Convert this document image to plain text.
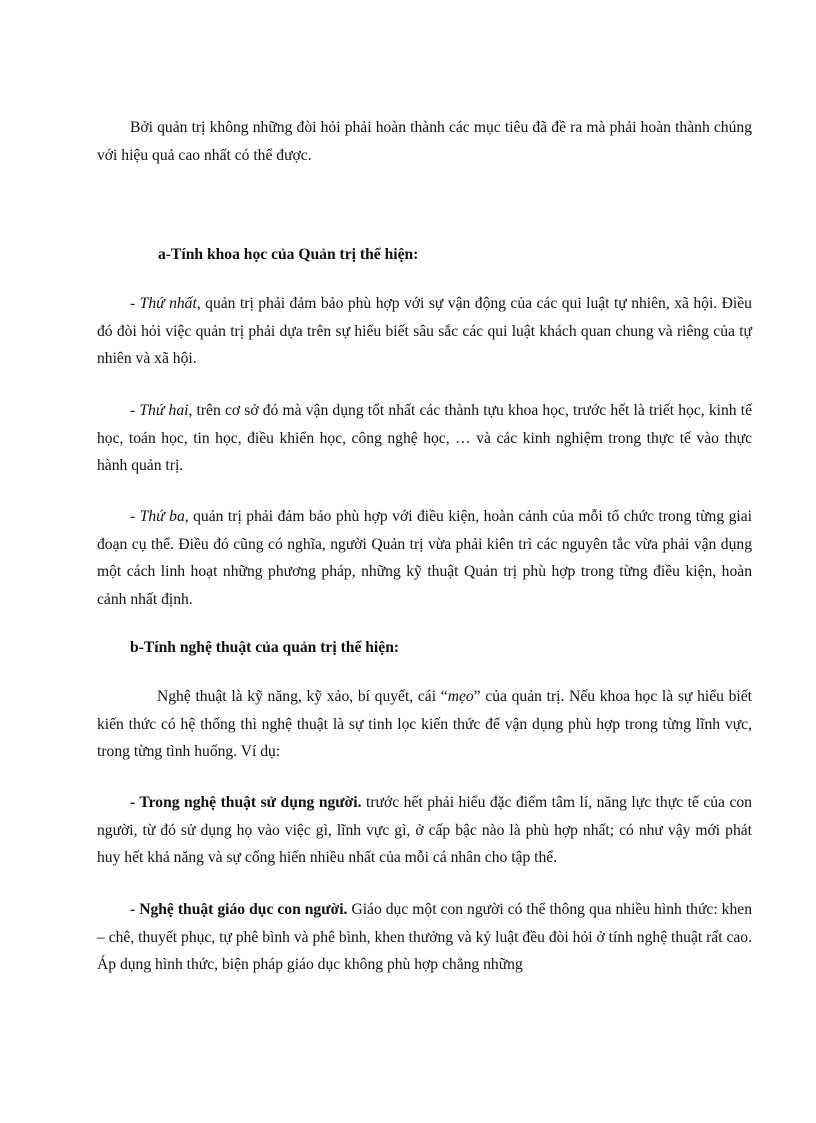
Bởi quản trị không những đòi hỏi phải hoàn thành các mục tiêu đã đề ra mà phải hoàn thành chúng với hiệu quả cao nhất có thể được.

a-Tính khoa học của Quản trị thể hiện:

- Thứ nhất, quản trị phải đảm bảo phù hợp với sự vận động của các qui luật tự nhiên, xã hội. Điều đó đòi hỏi việc quản trị phải dựa trên sự hiểu biết sâu sắc các qui luật khách quan chung và riêng của tự nhiên và xã hội.

- Thứ hai, trên cơ sở đó mà vận dụng tốt nhất các thành tựu khoa học, trước hết là triết học, kinh tế học, toán học, tin học, điều khiển học, công nghệ học, … và các kinh nghiệm trong thực tế vào thực hành quản trị.

- Thứ ba, quản trị phải đảm bảo phù hợp với điều kiện, hoàn cảnh của mỗi tổ chức trong từng giai đoạn cụ thể. Điều đó cũng có nghĩa, người Quản trị vừa phải kiên trì các nguyên tắc vừa phải vận dụng một cách linh hoạt những phương pháp, những kỹ thuật Quản trị phù hợp trong từng điều kiện, hoàn cảnh nhất định.

b-Tính nghệ thuật của quản trị thể hiện:

Nghệ thuật là kỹ năng, kỹ xảo, bí quyết, cái “mẹo” của quản trị. Nếu khoa học là sự hiểu biết kiến thức có hệ thống thì nghệ thuật là sự tinh lọc kiến thức để vận dụng phù hợp trong từng lĩnh vực, trong từng tình huống. Ví dụ:

- Trong nghệ thuật sử dụng người. trước hết phải hiểu đặc điểm tâm lí, năng lực thực tế của con người, từ đó sử dụng họ vào việc gì, lĩnh vực gì, ở cấp bậc nào là phù hợp nhất; có như vậy mới phát huy hết khả năng và sự cống hiến nhiều nhất của mỗi cá nhân cho tập thể.

- Nghệ thuật giáo dục con người. Giáo dục một con người có thể thông qua nhiều hình thức: khen – chê, thuyết phục, tự phê bình và phê bình, khen thưởng và kỷ luật đều đòi hỏi ở tính nghệ thuật rất cao. Áp dụng hình thức, biện pháp giáo dục không phù hợp chẳng những
